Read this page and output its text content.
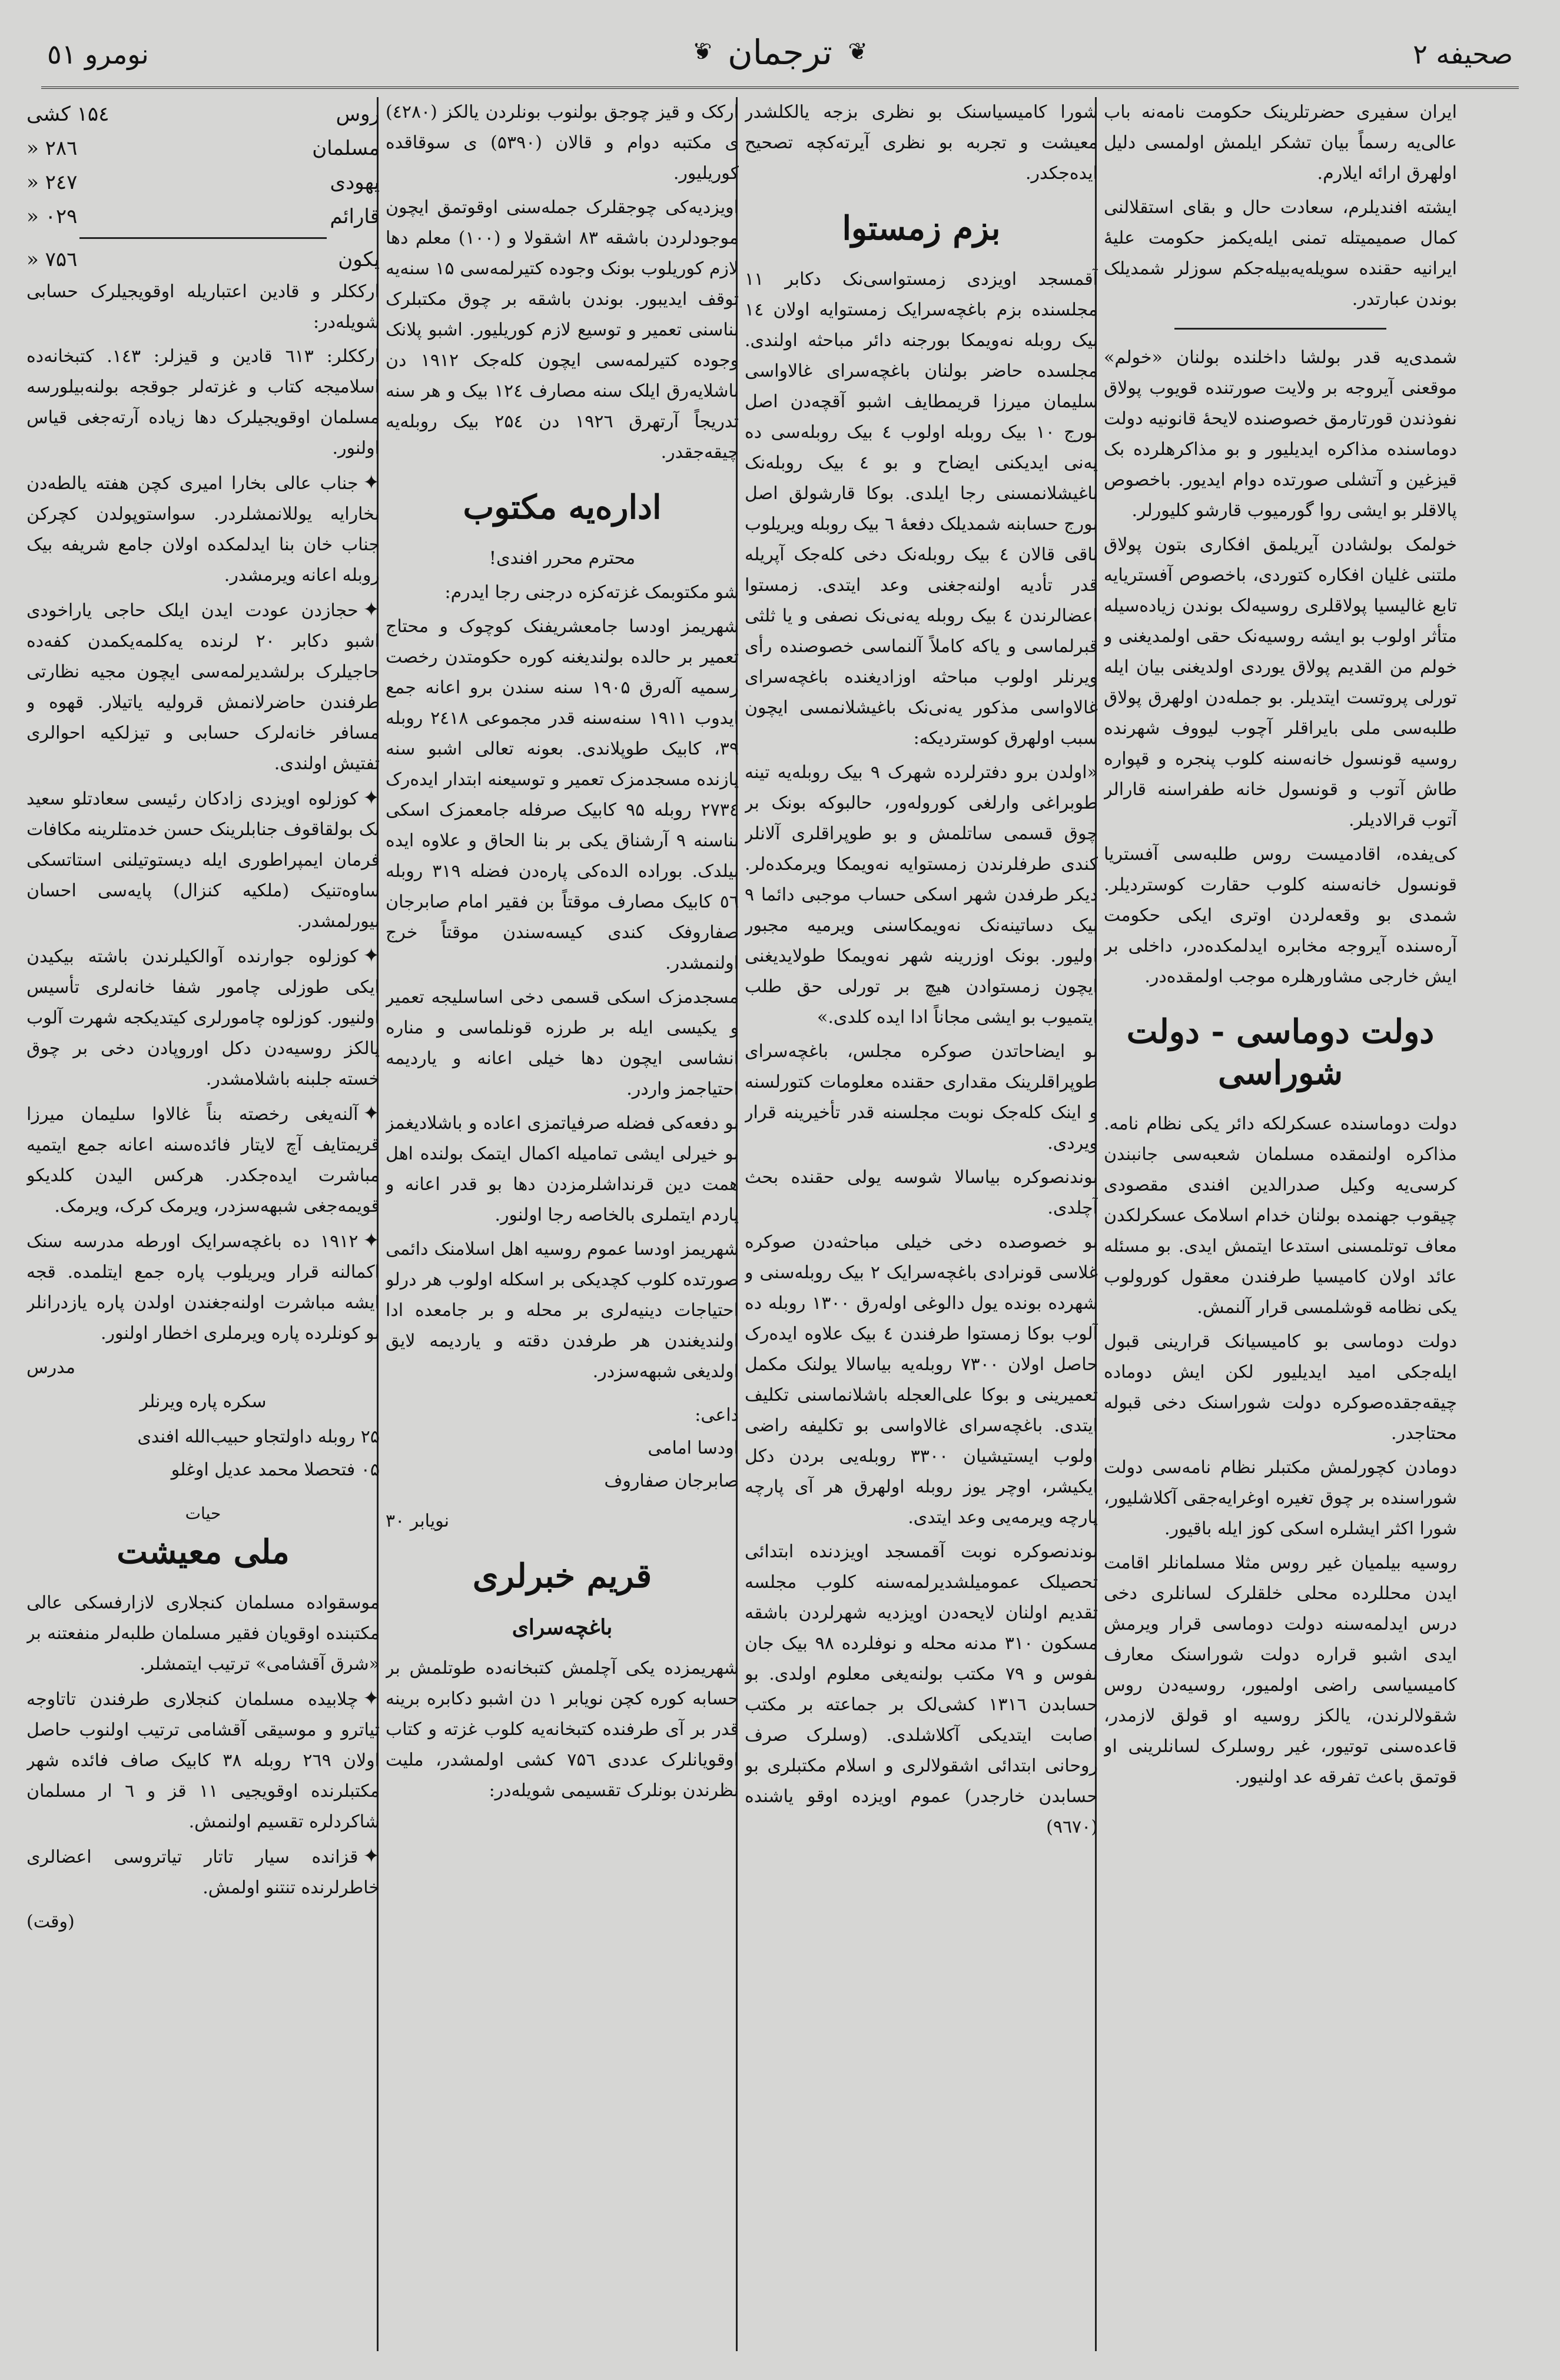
صحیفه ۲
❦ ترجمان ❦
نومرو ٥١

ایران سفیری حضرتلرینک حکومت نامه‌نه باب عالی‌یه رسماً بیان تشکر ایلمش اولمسی دلیل اولهرق ارائه ایلارم.

ایشته افندیلرم، سعادت حال و بقای استقلالنی کمال صمیمیتله تمنی ایله‌یکمز حکومت علیهٔ ایرانیه حقنده سویله‌یه‌بیله‌جکم سوزلر شمدیلک بوندن عبارتدر.

شمدی‌یه قدر بولشا داخلنده بولنان «خولم» موقعنی آیروجه بر ولایت صورتنده قویوب پولاق نفوذندن قورتارمق خصوصنده لایحهٔ قانونیه دولت دوماسنده مذاکره ایدیلیور و بو مذاکرهلرده بک قیزغین و آتشلی صورتده دوام ایدیور. باخصوص پالاقلر بو ایشی روا گورمیوب قارشو کلیورلر.

خولمک بولشادن آیریلمق افکاری بتون پولاق ملتنی غلیان افکاره کتوردی، باخصوص آفستریایه تابع غالیسیا پولاقلری روسیه‌لک بوندن زیاده‌سیله متأثر اولوب بو ایشه روسیه‌نک حقی اولمدیغنی و خولم من القدیم پولاق یوردی اولدیغنی بیان ایله تورلی پروتست ایتدیلر. بو جمله‌دن اولهرق پولاق طلبه‌سی ملی بایراقلر آچوب لیووف شهرنده روسیه قونسول خانه‌سنه کلوب پنجره و قپواره طاش آتوب و قونسول خانه طفراسنه قارالر آتوب قرالادیلر.

کی‌یفده، اقادمیست روس طلبه‌سی آفستریا قونسول خانه‌سنه کلوب حقارت کوستردیلر. شمدی بو وقعه‌لردن اوتری ایکی حکومت آره‌سنده آیروجه مخابره ایدلمکده‌در، داخلی بر ایش خارجی مشاورهلره موجب اولمقده‌در.

دولت دوماسی - دولت شوراسی

دولت دوماسنده عسکرلکه دائر یکی نظام نامه. مذاکره اولنمقده مسلمان شعبه‌سی جانبندن کرسی‌یه وکیل صدرالدین افندی مقصودی چیقوب جهنمده بولنان خدام اسلامک عسکرلکدن معاف توتلمسنی استدعا ایتمش ایدی. بو مسئله عائد اولان کامیسیا طرفندن معقول کورولوب یکی نظامه قوشلمسی قرار آلنمش.

دولت دوماسی بو کامیسیانک قرارینی قبول ایله‌جکی امید ایدیلیور لکن ایش دوماده چیقه‌جقده‌صوکره دولت شوراسنک دخی قبوله محتاجدر.

دومادن کچورلمش مکتبلر نظام نامه‌سی دولت شوراسنده بر چوق تغیره اوغرایه‌جقی آکلاشلیور، شورا اکثر ایشلره اسکی کوز ایله باقیور.

روسیه بیلمیان غیر روس مثلا مسلمانلر اقامت ایدن محللرده محلی خلقلرک لسانلری دخی درس ایدلمه‌سنه دولت دوماسی قرار ویرمش ایدی اشبو قراره دولت شوراسنک معارف کامیسیاسی راضی اولمیور، روسیه‌دن روس شقولالرندن، یالکز روسیه او قولق لازمدر، قاعده‌سنی توتیور، غیر روسلرک لسانلرینی او قوتمق باعث تفرقه عد اولنیور.

شورا کامیسیاسنک بو نظری بزجه یالکلشدر معیشت و تجربه بو نظری آیرته‌کچه تصحیح ایده‌جکدر.

بزم زمستوا

آقمسجد اویزدی زمستواسی‌نک دکابر ۱۱ مجلسنده بزم باغچه‌سرایک زمستوایه اولان ۱٤ بیک روبله نەویمکا بورجنه دائر مباحثه اولندی. مجلسده حاضر بولنان باغچه‌سرای غالاواسی سلیمان میرزا قریمطایف اشبو آقچه‌دن اصل بورج ۱۰ بیک روبله اولوب ٤ بیک روبله‌سی ده یه‌نی ایدیکنی ایضاح و بو ٤ بیک روبله‌نک باغیشلانمسنی رجا ایلدی. بوکا قارشو‌لق اصل بورج حسابنه شمدیلک دفعهٔ ٦ بیک روبله ویریلوب باقی قالان ٤ بیک روبله‌نک دخی کله‌جک آپریله قدر تأدیه اولنه‌جغنی وعد ایتدی. زمستوا اعضالرندن ٤ بیک روبله یه‌نی‌نک نصفی و یا ثلثی قبرلماسی و یاکه کاملاً آلنماسی خصوصنده رأی ویرنلر اولوب مباحثه اوزادیغنده باغچه‌سرای غالاواسی مذکور یه‌نی‌نک باغیشلانمسی ایچون سبب اولهرق کوستردیکه:

«اولدن برو دفترلرده شهرک ۹ بیک روبله‌یه تینه طوبراغی وارلغی کوروله‌ور، حالبوکه بونک بر چوق قسمی ساتلمش و بو طوپراقلری آلانلر کندی طرفلرندن زمستوایه نەویمکا ویرمکدەلر. دیکر طرفدن شهر اسکی حساب موجبی دائما ۹ بیک دساتینەنک نەویمکاسنی ویرمیه مجبور اولیور. بونک اوزرینه شهر نەویمکا طولایدیغنی ایچون زمستوادن هیچ بر تورلی حق طلب ایتمیوب بو ایشی مجاناً ادا ایده کلدی.»

بو ایضاحاتدن صوکره مجلس، باغچه‌سرای طوپراقلرینک مقداری حقنده معلومات کتورلسنه و اینک کله‌جک نوبت مجلسنه قدر تأخیرینه قرار ویردی.

بوندنصوکره بیاسالا شوسه یولی حقنده بحث آچلدی.

بو خصوصده دخی خیلی مباحثه‌دن صوکره غلاسی قونرادی باغچه‌سرایک ۲ بیک روبله‌سنی و شهرده بونده یول دالوغی اوله‌رق ۱۳۰۰ روبله ده آلوب بوکا زمستوا طرفندن ٤ بیک علاوه ایده‌رک حاصل اولان ۷۳۰۰ روبله‌یه بیاسالا یولنک مکمل تعمیرینی و بوکا علی‌العجله باشلانماسنی تکلیف ایتدی. باغچه‌سرای غالاواسی بو تکلیفه راضی اولوب ایستیشیان ۳۳۰۰ روبله‌یی بردن دکل ایکیشر، اوچر یوز روبله اولهرق هر آی پارچه پارچه ویرمه‌یی وعد ایتدی.

بوندنصوکره نوبت آقمسجد اویزدنده ابتدائی تحصیلک عمومیلشدیرلمه‌سنه کلوب مجلسه تقدیم اولنان لایحه‌دن اویزدیه شهرلردن باشقه مسکون ۳۱۰ مدنه محله و نوفلرده ۹۸ بیک جان نفوس و ۷۹ مکتب بولنه‌یغی معلوم اولدی. بو حسابدن ۱۳۱٦ کشی‌لک بر جماعته بر مکتب اصابت ایتدیکی آکلاشلدی. (وسلرک صرف روحانی ابتدائی اشقولالری و اسلام مکتبلری بو حسابدن خارجدر) عموم اویزده اوقو یاشنده (۹٦۷۰)

ارکک و قیز چوجق بولنوب بونلردن یالکز (٤٢٨٠) ی مکتبه دوام و قالان (۵۳۹۰) ی سوقاقده کوریلیور.

اویزدیه‌کی چوجقلرک جمله‌سنی اوقوتمق ایچون موجودلردن باشقه ۸۳ اشقولا و (۱۰۰) معلم دها لازم کوریلوب بونک وجوده کتیرلمه‌سی ۱۵ سنه‌یه توقف ایدیبور. بوندن باشقه بر چوق مکتبلرک بناسنی تعمیر و توسیع لازم کوریلیور. اشبو پلانک وجوده کتیرلمه‌سی ایچون کله‌جک ۱۹۱۲ دن باشلایه‌رق ایلک سنه مصارف ۱۲٤ بیک و هر سنه تدریجاً آرتهرق ۱۹۲٦ دن ۲۵٤ بیک روبله‌یه چیقه‌جقدر.

اداره‌یه مکتوب

محترم محرر افندی!

شو مکتوبمک غزته‌کزه درجنی رجا ایدرم:

شهریمز اودسا جامعشریفنک کوچوک و محتاج تعمیر بر حالده بولندیغنه کوره حکومتدن رخصت رسمیه آلەرق ۱۹۰۵ سنه سندن برو اعانه جمع ایدوب ۱۹۱۱ سنه‌سنه قدر مجموعی ۲٤۱۸ روبله ۳۹، کابیک طوپلاندی. بعونه تعالی اشبو سنه یازنده مسجدمزک تعمیر و توسیعنه ابتدار ایده‌رک ۲۷۳٤ روبله ۹۵ کابیک صرفله جامعمزک اسکی بناسنه ۹ آرشناق یکی بر بنا الحاق و علاوه ایده بیلدک. بوراده الده‌کی پاره‌دن فضله ۳۱۹ روبله ٥٦ کابیک مصارف موقتاً بن فقیر امام صابرجان صفاروفک کندی کیسه‌سندن موقتاً خرج اولنمشدر.

مسجدمزک اسکی قسمی دخی اساسلیجه تعمیر و یکیسی ایله بر طرزه قونلماسی و مناره انشاسی ایچون دها خیلی اعانه و یاردیمه احتیاجمز واردر.

بو دفعه‌کی فضله صرفیاتمزی اعاده و باشلادیغمز بو خیرلی ایشی تمامیله اکمال ایتمک بولنده اهل همت دین قرنداشلرمزدن دها بو قدر اعانه و یاردم ایتملری بالخاصه رجا اولنور.

شهریمز اودسا عموم روسیه اهل اسلامنک دائمی صورتده کلوب کچدیکی بر اسکله اولوب هر درلو احتیاجات دینیه‌لری بر محله و بر جامعده ادا اولندیغندن هر طرفدن دقته و یاردیمه لایق اولدیغی شبهه‌سزدر.

داعی:
اودسا امامی
صابرجان صفاروف
نویابر ۳۰
قریم خبرلری
باغچه‌سرای

شهریمزده یکی آچلمش کتبخانه‌ده طوتلمش بر حسابه کوره کچن نویابر ۱ دن اشبو دکابره برینه قدر بر آی طرفنده کتبخانه‌یه کلوب غزته و کتاب اوقویانلرک عددی ۷۵٦ کشی اولمشدر، ملیت نظرندن بونلرک تقسیمی شویله‌در:

روس
۱۵٤ کشی
مسلمان
۲۸٦ «
یهودی
۲٤۷ «
قارائم
۰۲۹ «
یکون
۷۵٦ «

ارککلر و قادین اعتباریله اوقویجیلرک حسابی شویله‌در:

ارککلر: ٦۱۳ قادین و قیزلر: ۱٤۳. کتبخانه‌ده اسلامیجه کتاب و غزته‌لر جوقجه بولنه‌بیلورسه مسلمان اوقویجیلرک دها زیاده آرته‌جغی قیاس اولنور.

✦جناب عالی بخارا امیری کچن هفته یالطه‌دن بخارایه یوللانمشلردر. سواستوپولدن کچرکن جناب خان بنا ایدلمکده اولان جامع شریفه بیک روبله اعانه ویرمشدر.

✦حجازدن عودت ایدن ایلک حاجی یاراخودی اشبو دکابر ۲۰ لرنده یه‌کلمه‌یکمدن کفه‌ده حاجیلرک برلشدیرلمه‌سی ایچون مجیه نظارتی طرفندن حاضرلانمش قرولیه یاتیلار. قهوه و مسافر خانه‌لرک حسابی و تیزلکیه احوالری تفتیش اولندی.

✦کوزلوه اویزدی زادکان رئیسی سعادتلو سعید بک بولقاقوف جنابلرینک حسن خدمتلرینه مکافات فرمان ایمپراطوری ایله دیستوتیلنی استاتسکی ساوه‌تنیک (ملکیه کنزال) پایه‌سی احسان بیورلمشدر.

✦کوزلوه جوارنده آوالکیلرندن باشته بیکیدن ایکی طوزلی چامور شفا خانه‌لری تأسیس اولنیور. کوزلوه چامورلری کیتدیکجه شهرت آلوب یالکز روسیه‌دن دکل اوروپادن دخی بر چوق خسته جلبنه باشلامشدر.

✦آلنه‌یغی رخصته بناً غالاوا سلیمان میرزا قریمتایف آچ لایتار فائده‌سنه اعانه جمع ایتمیه مباشرت ایده‌جکدر. هرکس الیدن کلدیکو قویمه‌جغی شبهه‌سزدر، ویرمک کرک، ویرمک.

✦۱۹۱۲ ده باغچه‌سرایک اورطه مدرسه سنک اکمالنه قرار ویریلوب پاره جمع ایتلمده. قجه ایشه مباشرت اولنه‌جغندن اولدن پاره یازدرانلر بو کونلرده پاره ویرملری اخطار اولنور.

مدرس

سکره پاره ویرنلر

۲۵ روبله داولتجاو حبیب‌الله افندی
۰۵ فتحصلا محمد عدیل اوغلو
حیات
ملی معیشت

موسقواده مسلمان کنجلاری لازارفسکی عالی مکتبنده اوقویان فقیر مسلمان طلبه‌لر منفعتنه بر «شرق آقشامی» ترتیب ایتمشلر.

✦چلابیده مسلمان کنجلاری طرفندن تاتاوجه تیاترو و موسیقی آقشامی ترتیب اولنوب حاصل اولان ۲٦۹ روبله ۳۸ کابیک صاف فائده شهر مکتبلرنده اوقویجیی ۱۱ قز و ٦ ار مسلمان شاکردلره تقسیم اولنمش.

✦قزانده سیار تاتار تیاتروسی اعضالری خاطرلرنده تنتنو اولمش.

(وقت)
